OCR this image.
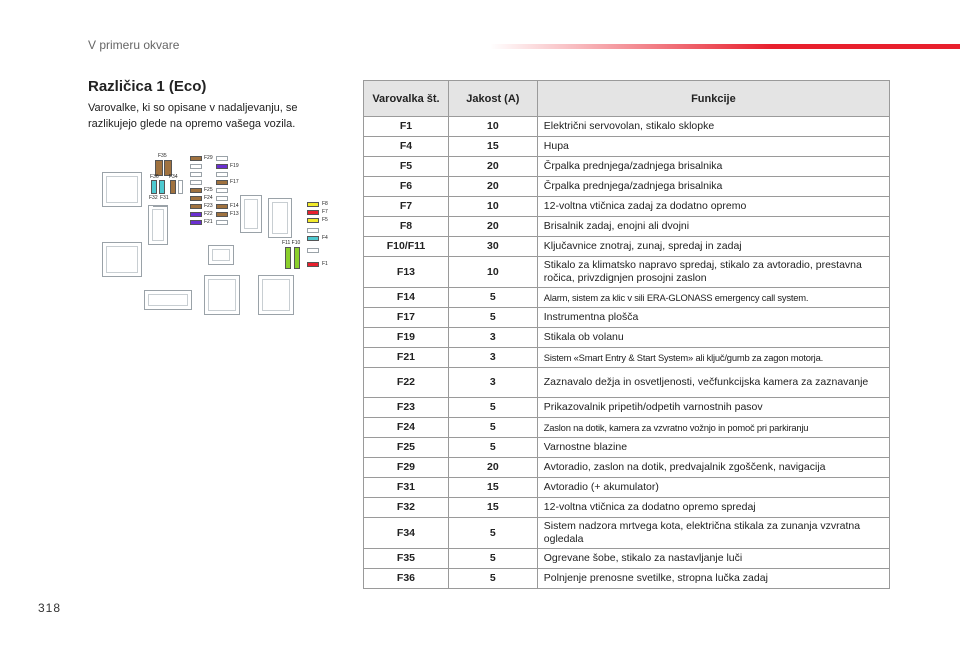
V primeru okvare
Različica 1 (Eco)
Varovalke, ki so opisane v nadaljevanju, se razlikujejo glede na opremo vašega vozila.
F35
F36 F34
F32 F31
F29
F19
F17
F25
F24
F23	F14
F22	F13
F21
F8
F7
F5
F4
F1
F11 F10
Varovalka št.	Jakost (A)	Funkcije
F1	10	Električni servovolan, stikalo sklopke
F4	15	Hupa
F5	20	Črpalka prednjega/zadnjega brisalnika
F6	20	Črpalka prednjega/zadnjega brisalnika
F7	10	12-voltna vtičnica zadaj za dodatno opremo
F8	20	Brisalnik zadaj, enojni ali dvojni
F10/F11	30	Ključavnice znotraj, zunaj, spredaj in zadaj
F13	10	Stikalo za klimatsko napravo spredaj, stikalo za avtoradio, prestavna ročica, privzdignjen prosojni zaslon
F14	5	Alarm, sistem za klic v sili ERA-GLONASS emergency call system.
F17	5	Instrumentna plošča
F19	3	Stikala ob volanu
F21	3	Sistem «Smart Entry & Start System» ali ključ/gumb za zagon motorja.
F22	3	Zaznavalo dežja in osvetljenosti, večfunkcijska kamera za zaznavanje
F23	5	Prikazovalnik pripetih/odpetih varnostnih pasov
F24	5	Zaslon na dotik, kamera za vzvratno vožnjo in pomoč pri parkiranju
F25	5	Varnostne blazine
F29	20	Avtoradio, zaslon na dotik, predvajalnik zgoščenk, navigacija
F31	15	Avtoradio (+ akumulator)
F32	15	12-voltna vtičnica za dodatno opremo spredaj
F34	5	Sistem nadzora mrtvega kota, električna stikala za zunanja vzvratna ogledala
F35	5	Ogrevane šobe, stikalo za nastavljanje luči
F36	5	Polnjenje prenosne svetilke, stropna lučka zadaj
318
